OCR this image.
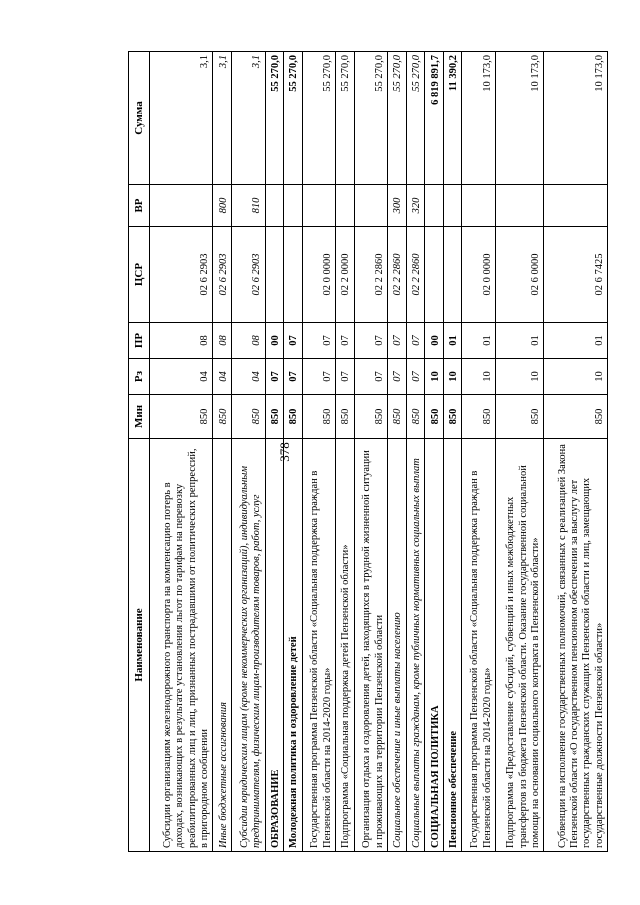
378
Наименование	Мин	Рз	ПР	ЦСР	ВР	Сумма
Субсидии организациям железнодорожного транспорта на компенсацию потерь в доходах, возникающих в результате установления льгот по тарифам на перевозку реабилитированных лиц и лиц, признанных пострадавшими от политических репрессий, в пригородном сообщении	850	04	08	02 6 2903		3,1
Иные бюджетные ассигнования	850	04	08	02 6 2903	800	3,1
Субсидии юридическим лицам (кроме некоммерческих организаций), индивидуальным предпринимателям, физическим лицам-производителям товаров, работ, услуг	850	04	08	02 6 2903	810	3,1
ОБРАЗОВАНИЕ	850	07	00			55 270,0
Молодежная политика и оздоровление детей	850	07	07			55 270,0
Государственная программа Пензенской области «Социальная поддержка граждан в Пензенской области на 2014-2020 годы»	850	07	07	02 0 0000		55 270,0
Подпрограмма «Социальная поддержка детей Пензенской области»	850	07	07	02 2 0000		55 270,0
Организация отдыха и оздоровления детей, находящихся в трудной жизненной ситуации и проживающих на территории Пензенской области	850	07	07	02 2 2860		55 270,0
Социальное обеспечение и иные выплаты населению	850	07	07	02 2 2860	300	55 270,0
Социальные выплаты гражданам, кроме публичных нормативных социальных выплат	850	07	07	02 2 2860	320	55 270,0
СОЦИАЛЬНАЯ ПОЛИТИКА	850	10	00			6 819 891,7
Пенсионное обеспечение	850	10	01			11 390,2
Государственная программа Пензенской области «Социальная поддержка граждан в Пензенской области на 2014-2020 годы»	850	10	01	02 0 0000		10 173,0
Подпрограмма «Предоставление субсидий, субвенций и иных межбюджетных трансфертов из бюджета Пензенской области. Оказание государственной социальной помощи на основании социального контракта в Пензенской области»	850	10	01	02 6 0000		10 173,0
Субвенции на исполнение государственных полномочий, связанных с реализацией Закона Пензенской области «О государственном пенсионном обеспечении за выслугу лет государственных гражданских служащих Пензенской области и лиц, замещающих государственные должности Пензенской области»	850	10	01	02 6 7425		10 173,0
